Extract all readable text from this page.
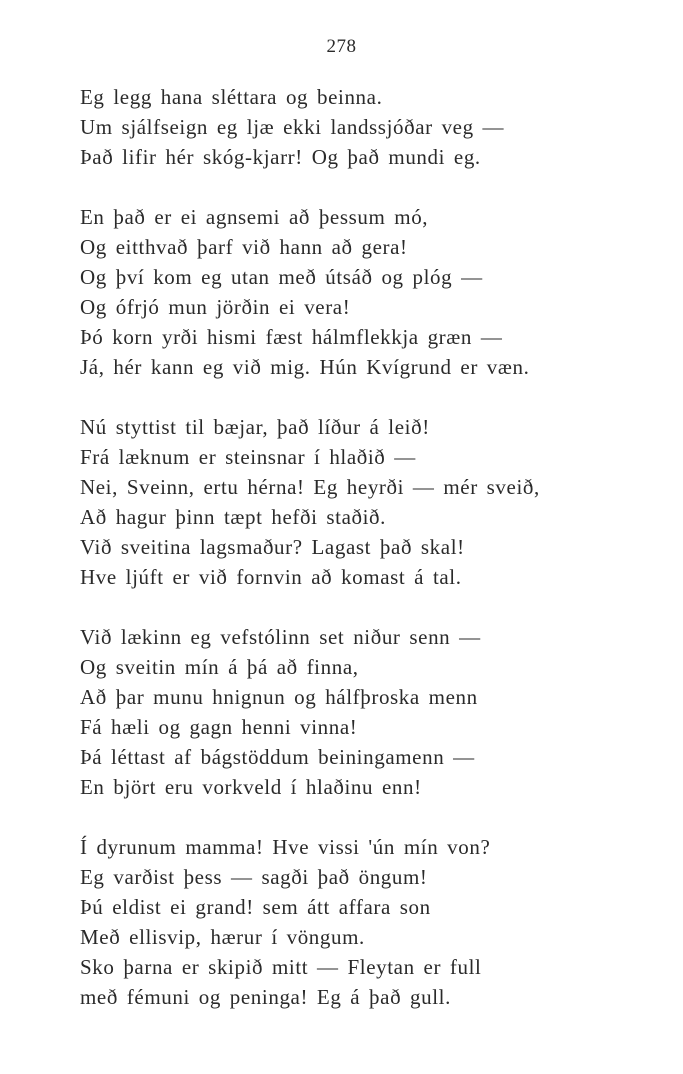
278
Eg legg hana sléttara og beinna.
Um sjálfseign eg ljæ ekki landssjóðar veg —
Það lifir hér skóg-kjarr! Og það mundi eg.
En það er ei agnsemi að þessum mó,
Og eitthvað þarf við hann að gera!
Og því kom eg utan með útsáð og plóg —
Og ófrjó mun jörðin ei vera!
Þó korn yrði hismi fæst hálmflekkja græn —
Já, hér kann eg við mig. Hún Kvígrund er væn.
Nú styttist til bæjar, það líður á leið!
Frá læknum er steinsnar í hlaðið —
Nei, Sveinn, ertu hérna! Eg heyrði — mér sveið,
Að hagur þinn tæpt hefði staðið.
Við sveitina lagsmaður? Lagast það skal!
Hve ljúft er við fornvin að komast á tal.
Við lækinn eg vefstólinn set niður senn —
Og sveitin mín á þá að finna,
Að þar munu hnignun og hálfþroska menn
Fá hæli og gagn henni vinna!
Þá léttast af bágstöddum beiningamenn —
En björt eru vorkveld í hlaðinu enn!
Í dyrunum mamma! Hve vissi 'ún mín von?
Eg varðist þess — sagði það öngum!
Þú eldist ei grand! sem átt affara son
Með ellisvip, hærur í vöngum.
Sko þarna er skipið mitt — Fleytan er full
með fémuni og peninga! Eg á það gull.
